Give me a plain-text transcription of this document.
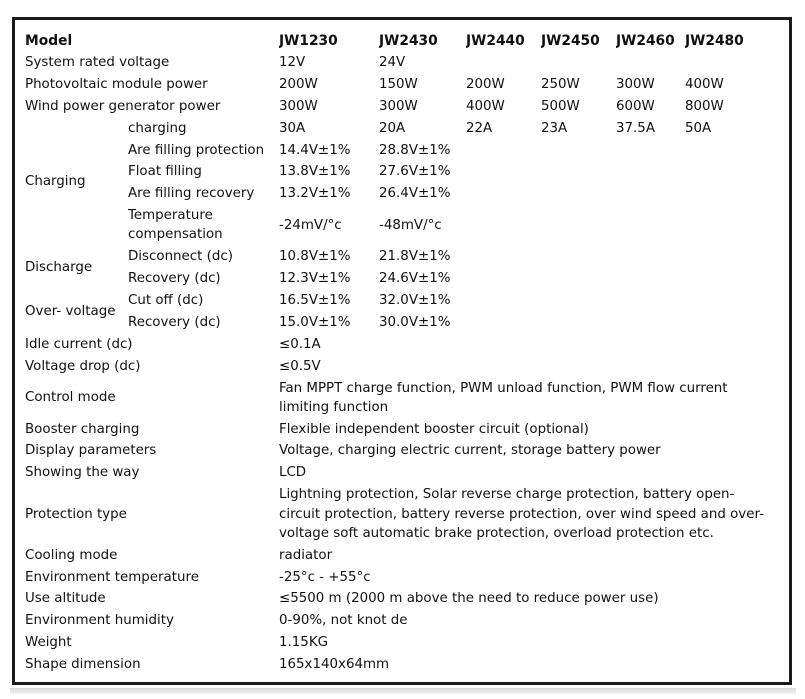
Model		JW1230	JW2430	JW2440	JW2450	JW2460	JW2480
System rated voltage		12V	24V				
Photovoltaic module power		200W	150W	200W	250W	300W	400W
Wind power generator power		300W	300W	400W	500W	600W	800W
Charging	charging	30A	20A	22A	23A	37.5A	50A
	Are filling protection	14.4V±1%	28.8V±1%				
	Float filling	13.8V±1%	27.6V±1%				
	Are filling recovery	13.2V±1%	26.4V±1%				
	Temperature compensation	-24mV/°c	-48mV/°c				
Discharge	Disconnect (dc)	10.8V±1%	21.8V±1%				
	Recovery (dc)	12.3V±1%	24.6V±1%				
Over- voltage	Cut off (dc)	16.5V±1%	32.0V±1%				
	Recovery (dc)	15.0V±1%	30.0V±1%				
Idle current (dc)		≤0.1A					
Voltage drop (dc)		≤0.5V					
Control mode		Fan MPPT charge function, PWM unload function, PWM flow current limiting function					
Booster charging		Flexible independent booster circuit (optional)					
Display parameters		Voltage, charging electric current, storage battery power					
Showing the way		LCD					
Protection type		Lightning protection, Solar reverse charge protection, battery open-circuit protection, battery reverse protection, over wind speed and over-voltage soft automatic brake protection, overload protection etc.					
Cooling mode		radiator					
Environment temperature		-25°c - +55°c					
Use altitude		≤5500 m (2000 m above the need to reduce power use)					
Environment humidity		0-90%, not knot de					
Weight		1.15KG					
Shape dimension		165x140x64mm					
